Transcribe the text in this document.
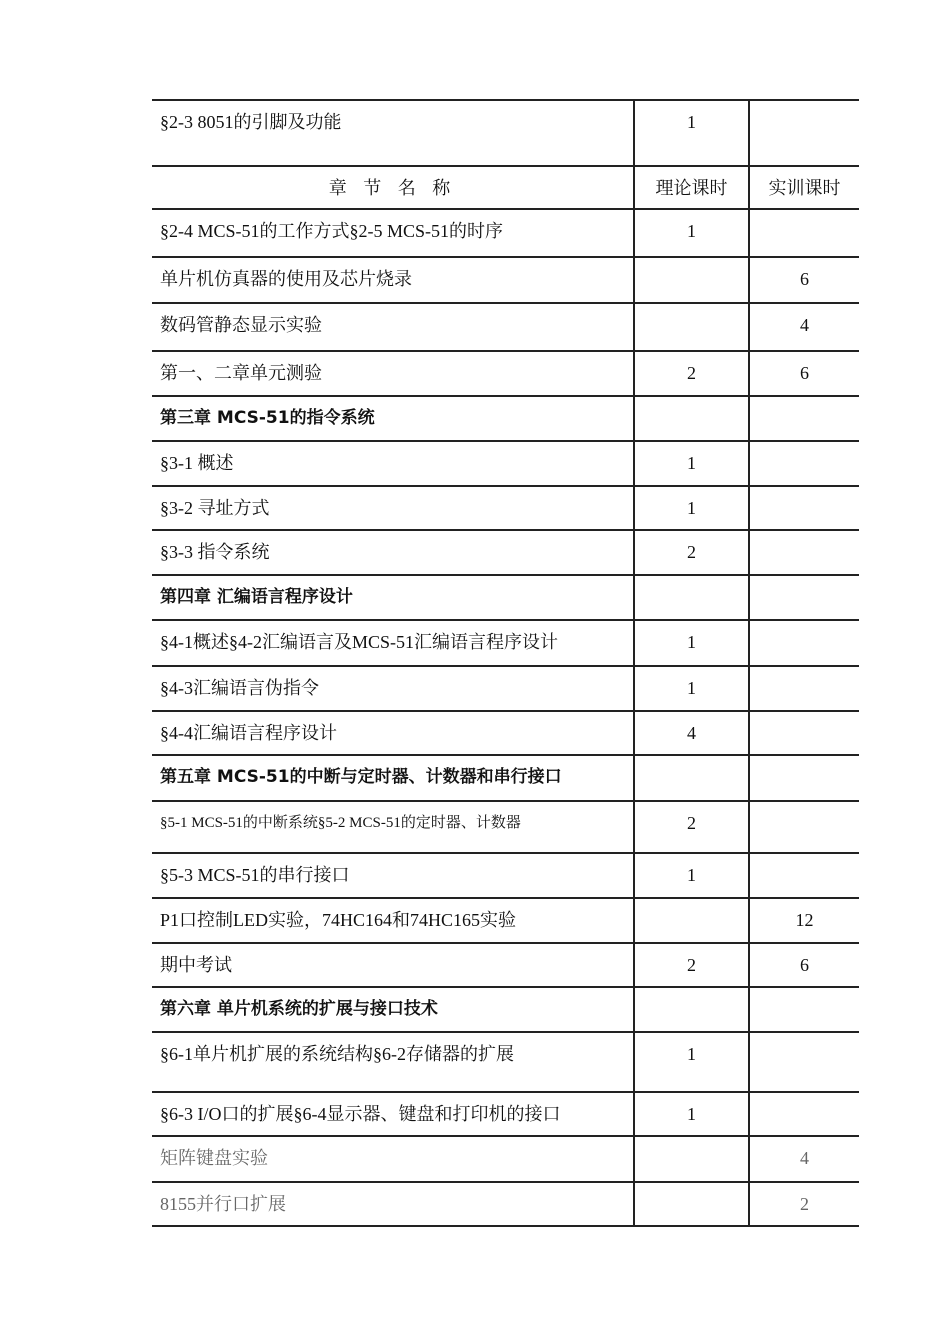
§2-3 8051的引脚及功能	1	
章 节 名 称	理论课时	实训课时
§2-4 MCS-51的工作方式§2-5 MCS-51的时序	1	
单片机仿真器的使用及芯片烧录		6
数码管静态显示实验		4
第一、二章单元测验	2	6
第三章 MCS-51的指令系统		
§3-1 概述	1	
§3-2 寻址方式	1	
§3-3 指令系统	2	
第四章 汇编语言程序设计		
§4-1概述§4-2汇编语言及MCS-51汇编语言程序设计	1	
§4-3汇编语言伪指令	1	
§4-4汇编语言程序设计	4	
第五章 MCS-51的中断与定时器、计数器和串行接口		
§5-1 MCS-51的中断系统§5-2 MCS-51的定时器、计数器	2	
§5-3 MCS-51的串行接口	1	
P1口控制LED实验，74HC164和74HC165实验		12
期中考试	2	6
第六章 单片机系统的扩展与接口技术		
§6-1单片机扩展的系统结构§6-2存储器的扩展	1	
§6-3 I/O口的扩展§6-4显示器、键盘和打印机的接口	1	
矩阵键盘实验		4
8155并行口扩展		2
